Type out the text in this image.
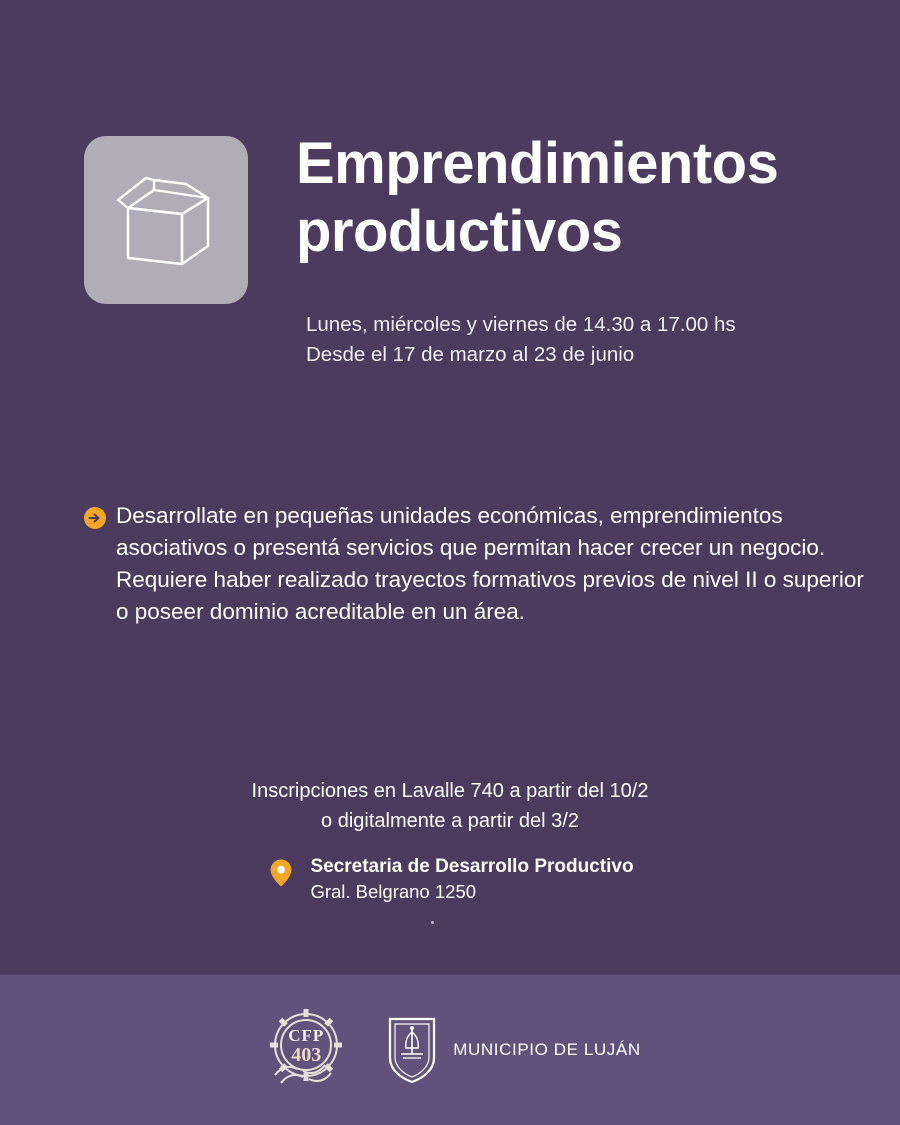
Emprendimientos
productivos
Lunes, miércoles y viernes de 14.30 a 17.00 hs
Desde el 17 de marzo al 23 de junio
Desarrollate en pequeñas unidades económicas, emprendimientos asociativos o presentá servicios que permitan hacer crecer un negocio. Requiere haber realizado trayectos formativos previos de nivel II o superior o poseer dominio acreditable en un área.
Inscripciones en Lavalle 740 a partir del 10/2
o digitalmente a partir del 3/2
Secretaria de Desarrollo Productivo
Gral. Belgrano 1250
CFP
403	MUNICIPIO DE LUJÁN
